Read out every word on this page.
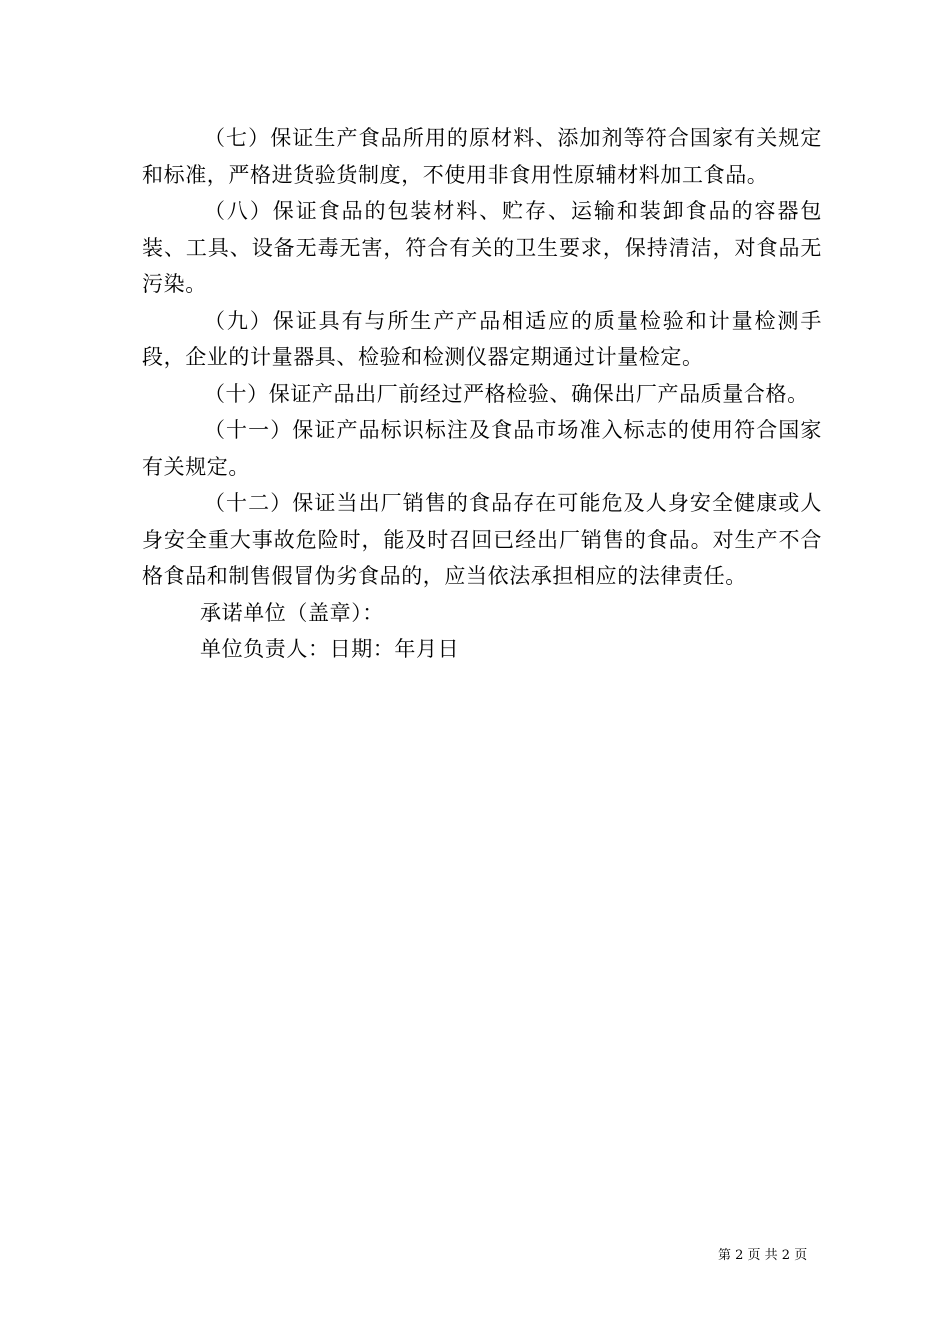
（七）保证生产食品所用的原材料、添加剂等符合国家有关规定和标准，严格进货验货制度，不使用非食用性原辅材料加工食品。

（八）保证食品的包装材料、贮存、运输和装卸食品的容器包装、工具、设备无毒无害，符合有关的卫生要求，保持清洁，对食品无污染。

（九）保证具有与所生产产品相适应的质量检验和计量检测手段，企业的计量器具、检验和检测仪器定期通过计量检定。

（十）保证产品出厂前经过严格检验、确保出厂产品质量合格。

（十一）保证产品标识标注及食品市场准入标志的使用符合国家有关规定。

（十二）保证当出厂销售的食品存在可能危及人身安全健康或人身安全重大事故危险时，能及时召回已经出厂销售的食品。对生产不合格食品和制售假冒伪劣食品的，应当依法承担相应的法律责任。

承诺单位（盖章）：

单位负责人：日期：年月日

第 2 页 共 2 页
